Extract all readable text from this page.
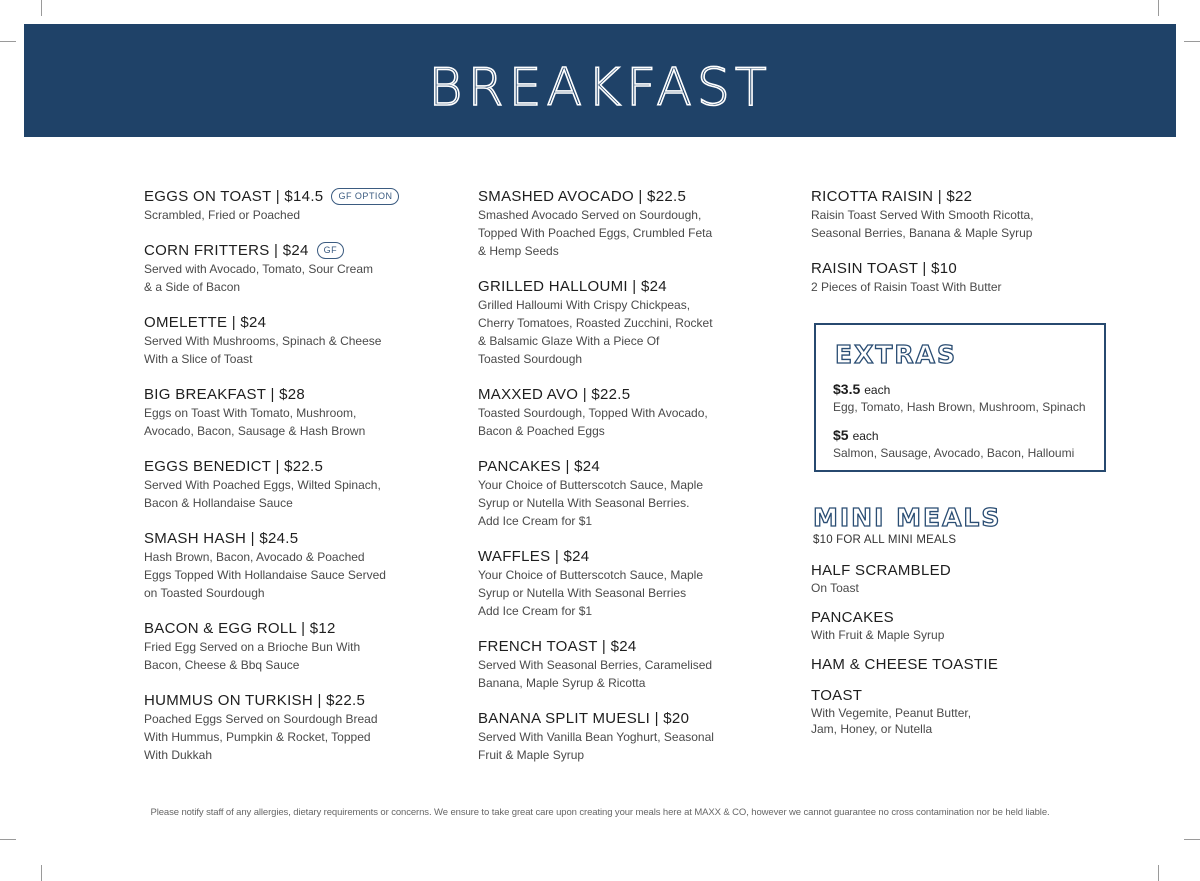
BREAKFAST
EGGS ON TOAST | $14.5	GF OPTION
Scrambled, Fried or Poached
CORN FRITTERS | $24	GF
Served with Avocado, Tomato, Sour Cream
& a Side of Bacon
OMELETTE | $24
Served With Mushrooms, Spinach & Cheese
With a Slice of Toast
BIG BREAKFAST | $28
Eggs on Toast With Tomato, Mushroom,
Avocado, Bacon, Sausage & Hash Brown
EGGS BENEDICT | $22.5
Served With Poached Eggs, Wilted Spinach,
Bacon & Hollandaise Sauce
SMASH HASH | $24.5
Hash Brown, Bacon, Avocado & Poached
Eggs Topped With Hollandaise Sauce Served
on Toasted Sourdough
BACON & EGG ROLL | $12
Fried Egg Served on a Brioche Bun With
Bacon, Cheese & Bbq Sauce
HUMMUS ON TURKISH | $22.5
Poached Eggs Served on Sourdough Bread
With Hummus, Pumpkin & Rocket, Topped
With Dukkah
SMASHED AVOCADO | $22.5
Smashed Avocado Served on Sourdough,
Topped With Poached Eggs, Crumbled Feta
& Hemp Seeds
GRILLED HALLOUMI | $24
Grilled Halloumi With Crispy Chickpeas,
Cherry Tomatoes, Roasted Zucchini, Rocket
& Balsamic Glaze With a Piece Of
Toasted Sourdough
MAXXED AVO | $22.5
Toasted Sourdough, Topped With Avocado,
Bacon & Poached Eggs
PANCAKES | $24
Your Choice of Butterscotch Sauce, Maple
Syrup or Nutella With Seasonal Berries.
Add Ice Cream for $1
WAFFLES | $24
Your Choice of Butterscotch Sauce, Maple
Syrup or Nutella With Seasonal Berries
Add Ice Cream for $1
FRENCH TOAST | $24
Served With Seasonal Berries, Caramelised
Banana, Maple Syrup & Ricotta
BANANA SPLIT MUESLI | $20
Served With Vanilla Bean Yoghurt, Seasonal
Fruit & Maple Syrup
RICOTTA RAISIN | $22
Raisin Toast Served With Smooth Ricotta,
Seasonal Berries, Banana & Maple Syrup
RAISIN TOAST | $10
2 Pieces of Raisin Toast With Butter
EXTRAS
$3.5 each
Egg, Tomato, Hash Brown, Mushroom, Spinach
$5 each
Salmon, Sausage, Avocado, Bacon, Halloumi
MINI MEALS
$10 FOR ALL MINI MEALS
HALF SCRAMBLED
On Toast
PANCAKES
With Fruit & Maple Syrup
HAM & CHEESE TOASTIE
TOAST
With Vegemite, Peanut Butter,
Jam, Honey, or Nutella
Please notify staff of any allergies, dietary requirements or concerns. We ensure to take great care upon creating your meals here at MAXX & CO, however we cannot guarantee no cross contamination nor be held liable.
